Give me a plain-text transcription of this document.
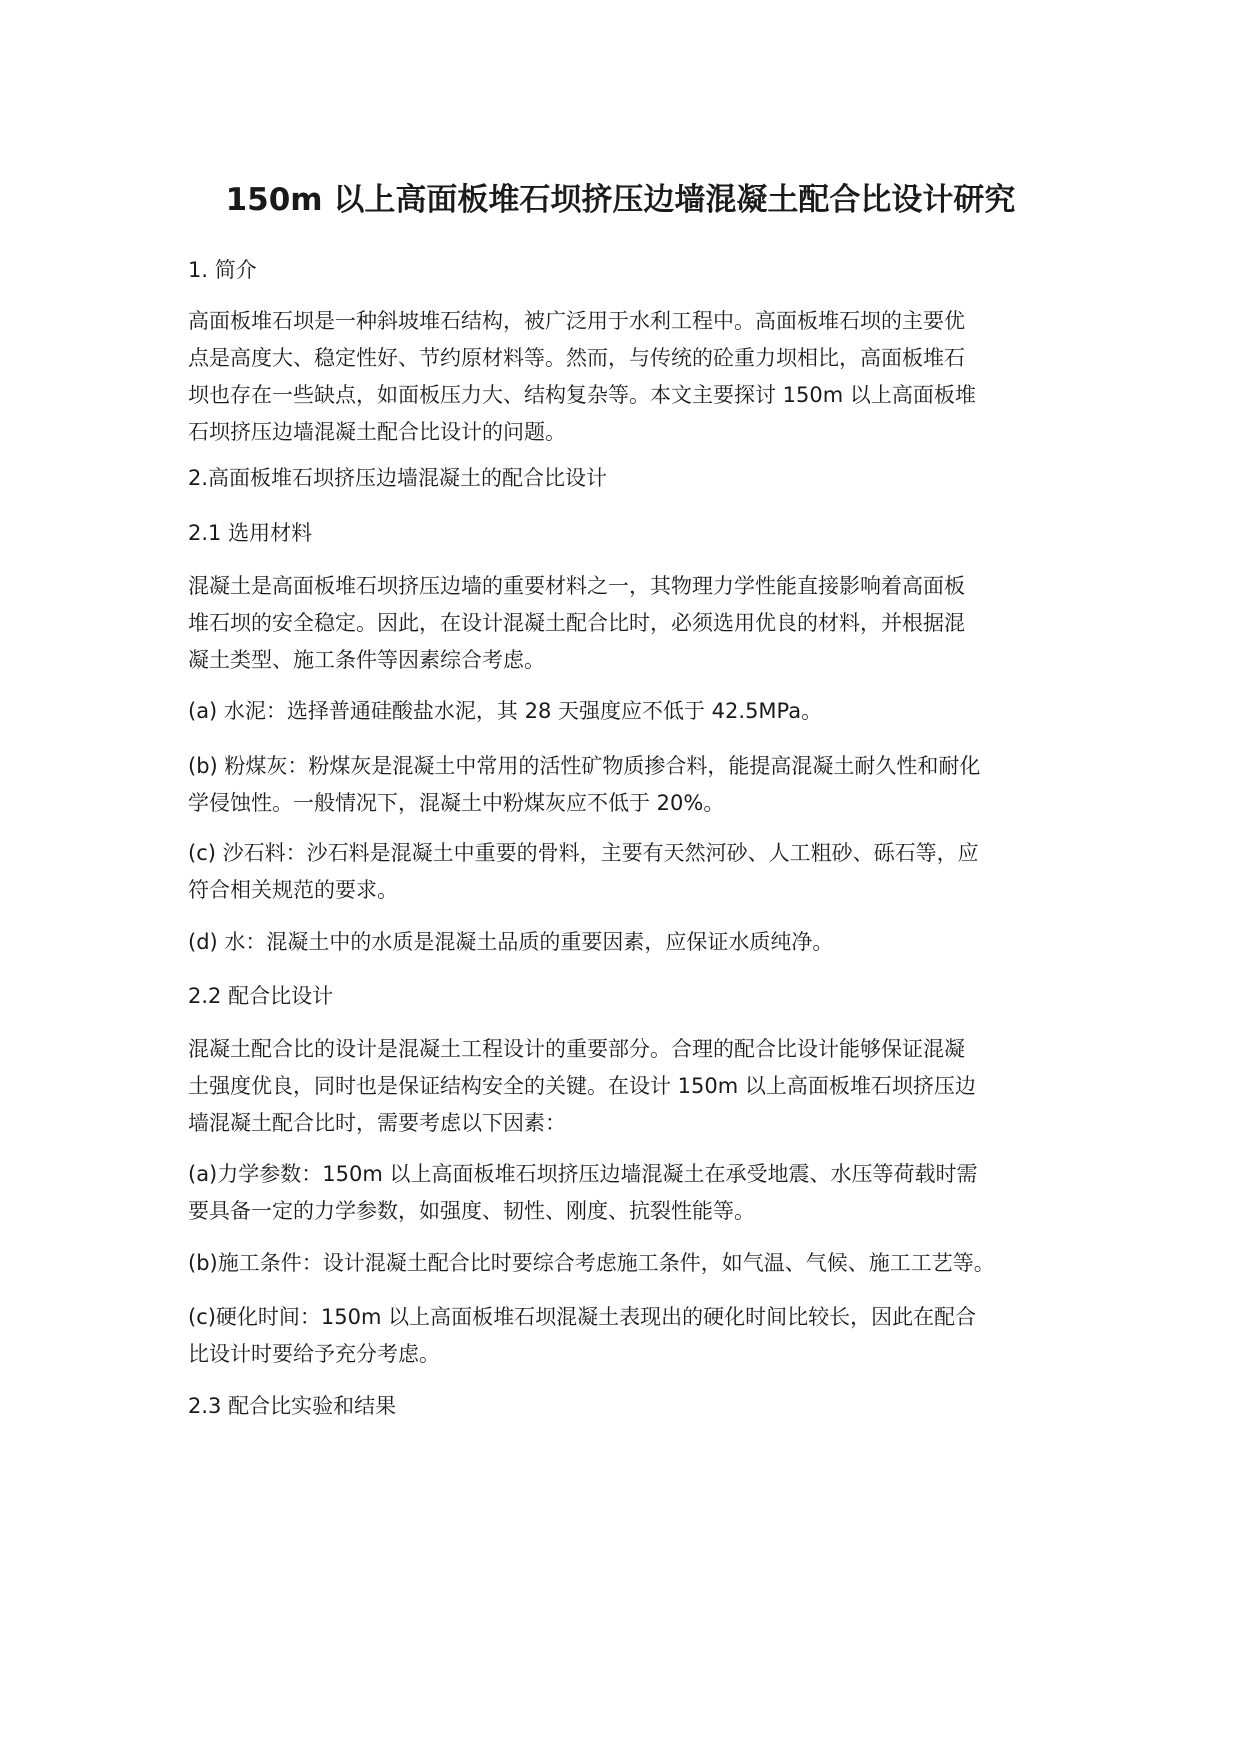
150m 以上高面板堆石坝挤压边墙混凝土配合比设计研究

1. 简介

高面板堆石坝是一种斜坡堆石结构，被广泛用于水利工程中。高面板堆石坝的主要优
点是高度大、稳定性好、节约原材料等。然而，与传统的砼重力坝相比，高面板堆石
坝也存在一些缺点，如面板压力大、结构复杂等。本文主要探讨 150m 以上高面板堆
石坝挤压边墙混凝土配合比设计的问题。

2.高面板堆石坝挤压边墙混凝土的配合比设计

2.1 选用材料

混凝土是高面板堆石坝挤压边墙的重要材料之一，其物理力学性能直接影响着高面板
堆石坝的安全稳定。因此，在设计混凝土配合比时，必须选用优良的材料，并根据混
凝土类型、施工条件等因素综合考虑。

(a) 水泥：选择普通硅酸盐水泥，其 28 天强度应不低于 42.5MPa。

(b) 粉煤灰：粉煤灰是混凝土中常用的活性矿物质掺合料，能提高混凝土耐久性和耐化
学侵蚀性。一般情况下，混凝土中粉煤灰应不低于 20%。

(c) 沙石料：沙石料是混凝土中重要的骨料，主要有天然河砂、人工粗砂、砾石等，应
符合相关规范的要求。

(d) 水：混凝土中的水质是混凝土品质的重要因素，应保证水质纯净。

2.2 配合比设计

混凝土配合比的设计是混凝土工程设计的重要部分。合理的配合比设计能够保证混凝
土强度优良，同时也是保证结构安全的关键。在设计 150m 以上高面板堆石坝挤压边
墙混凝土配合比时，需要考虑以下因素：

(a)力学参数：150m 以上高面板堆石坝挤压边墙混凝土在承受地震、水压等荷载时需
要具备一定的力学参数，如强度、韧性、刚度、抗裂性能等。

(b)施工条件：设计混凝土配合比时要综合考虑施工条件，如气温、气候、施工工艺等。

(c)硬化时间：150m 以上高面板堆石坝混凝土表现出的硬化时间比较长，因此在配合
比设计时要给予充分考虑。

2.3 配合比实验和结果
